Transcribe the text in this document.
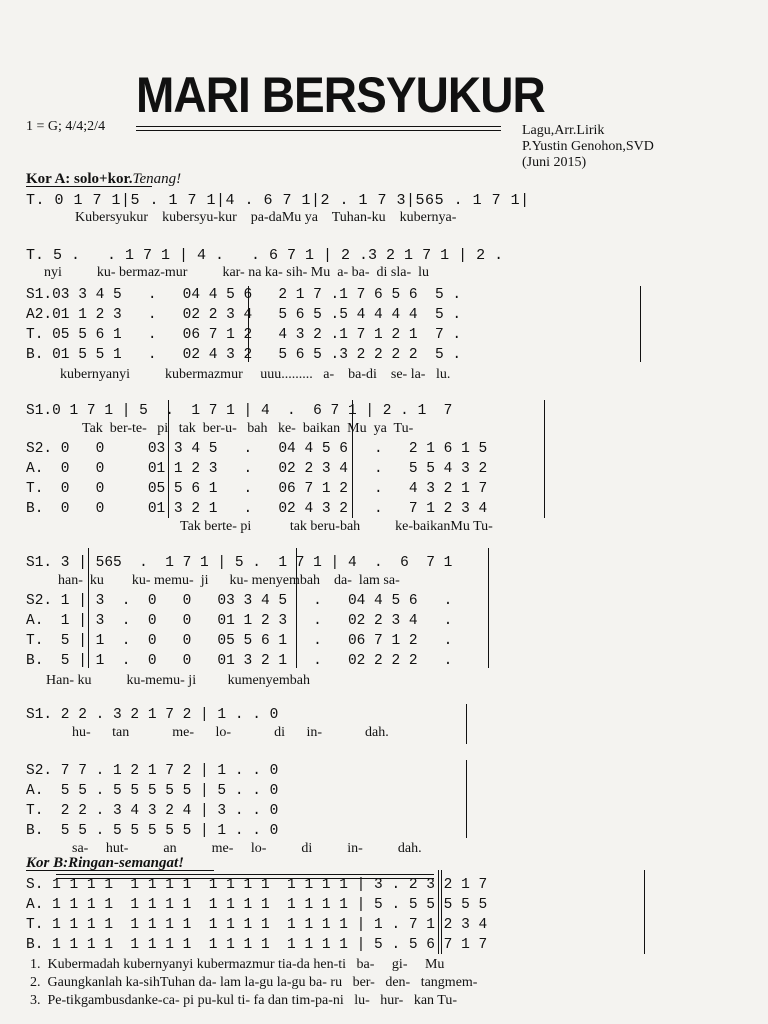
MARI BERSYUKUR
1 = G; 4/4;2/4	Lagu,Arr.Lirik
P.Yustin Genohon,SVD
(Juni 2015)
Kor A: solo+kor.Tenang!
T. 0 1 7 1|5 . 1 7 1|4 . 6 7 1|2 . 1 7 3|565 . 1 7 1|
Kubersyukur    kubersyu-kur    pa-daMu ya    Tuhan-ku    kubernya-
T. 5 .   . 1 7 1 | 4 .   . 6 7 1 | 2 .3 2 1 7 1 | 2 .
nyi          ku- bermaz-mur          kar- na ka- sih- Mu  a- ba-  di sla-  lu
S1.03 3 4 5   .   04 4 5 6   2 1 7 .1 7 6 5 6  5 .
A2.01 1 2 3   .   02 2 3 4   5 6 5 .5 4 4 4 4  5 .
T. 05 5 6 1   .   06 7 1 2   4 3 2 .1 7 1 2 1  7 .
B. 01 5 5 1   .   02 4 3 2   5 6 5 .3 2 2 2 2  5 .
kubernyanyi          kubermazmur     uuu.........   a-    ba-di    se- la-   lu.
S1.0 1 7 1 | 5  .  1 7 1 | 4  .  6 7 1 | 2 . 1  7
Tak  ber-te-   pi   tak  ber-u-   bah   ke-  baikan  Mu  ya  Tu-
S2. 0   0     03 3 4 5   .   04 4 5 6   .   2 1 6 1 5
A.  0   0     01 1 2 3   .   02 2 3 4   .   5 5 4 3 2
T.  0   0     05 5 6 1   .   06 7 1 2   .   4 3 2 1 7
B.  0   0     01 3 2 1   .   02 4 3 2   .   7 1 2 3 4
Tak berte- pi           tak beru-bah          ke-baikanMu Tu-
S1. 3 | 565  .  1 7 1 | 5 .  1 7 1 | 4  .  6  7 1
han-  ku        ku- memu-  ji      ku- menyembah    da-  lam sa-
S2. 1 | 3  .  0   0   03 3 4 5   .   04 4 5 6   .
A.  1 | 3  .  0   0   01 1 2 3   .   02 2 3 4   .
T.  5 | 1  .  0   0   05 5 6 1   .   06 7 1 2   .
B.  5 | 1  .  0   0   01 3 2 1   .   02 2 2 2   .
Han- ku          ku-memu- ji         kumenyembah
S1. 2 2 . 3 2 1 7 2 | 1 . . 0
hu- tan  me- lo-  di in-  dah.
S2. 7 7 . 1 2 1 7 2 | 1 . . 0
A.  5 5 . 5 5 5 5 5 | 5 . . 0
T.  2 2 . 3 4 3 2 4 | 3 . . 0
B.  5 5 . 5 5 5 5 5 | 1 . . 0
sa- hut-  an  me- lo-  di  in-  dah.
Kor B:Ringan-semangat!
S. 1 1 1 1  1 1 1 1  1 1 1 1  1 1 1 1 | 3 . 2 3 2 1 7
A. 1 1 1 1  1 1 1 1  1 1 1 1  1 1 1 1 | 5 . 5 5 5 5 5
T. 1 1 1 1  1 1 1 1  1 1 1 1  1 1 1 1 | 1 . 7 1 2 3 4
B. 1 1 1 1  1 1 1 1  1 1 1 1  1 1 1 1 | 5 . 5 6 7 1 7
1.  Kubermadah kubernyanyi kubermazmur tia-da hen-ti   ba-     gi-     Mu
2.  Gaungkanlah ka-sihTuhan da- lam la-gu la-gu ba- ru   ber-   den-   tangmem-
3.  Pe-tikgambusdanke-ca- pi pu-kul ti- fa dan tim-pa-ni   lu-   hur-   kan Tu-
